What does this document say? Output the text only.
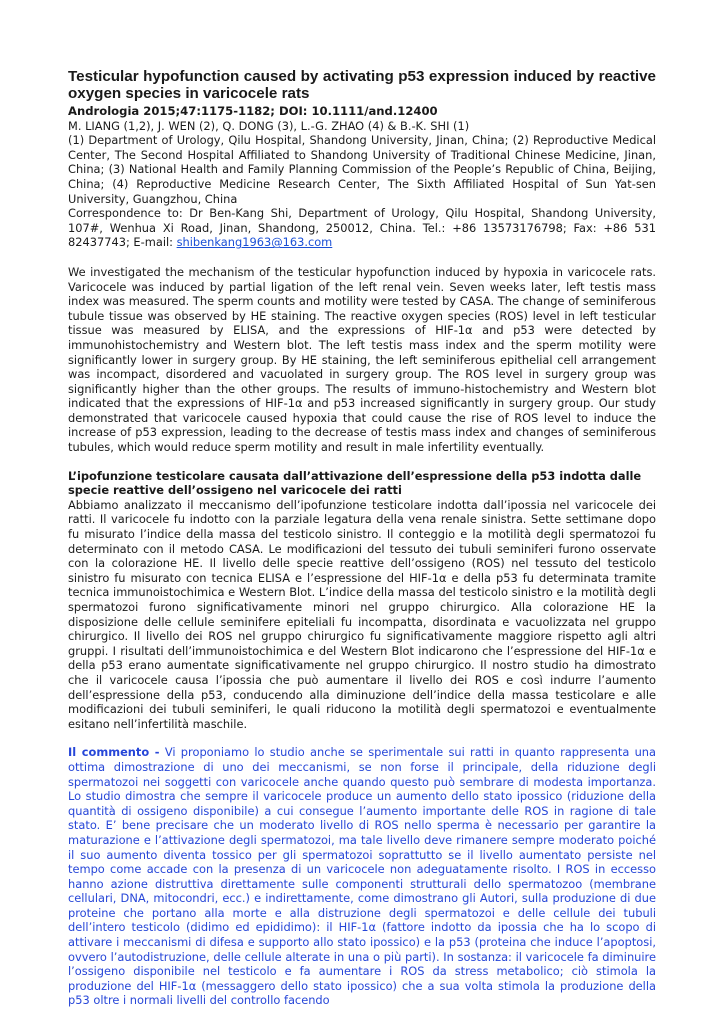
Testicular hypofunction caused by activating p53 expression induced by reactive oxygen species in varicocele rats

Andrologia 2015;47:1175-1182; DOI: 10.1111/and.12400

M. LIANG (1,2), J. WEN (2), Q. DONG (3), L.-G. ZHAO (4) & B.-K. SHI (1)

(1) Department of Urology, Qilu Hospital, Shandong University, Jinan, China; (2) Reproductive Medical Center, The Second Hospital Affiliated to Shandong University of Traditional Chinese Medicine, Jinan, China; (3) National Health and Family Planning Commission of the People’s Republic of China, Beijing, China; (4) Reproductive Medicine Research Center, The Sixth Affiliated Hospital of Sun Yat-sen University, Guangzhou, China

Correspondence to: Dr Ben-Kang Shi, Department of Urology, Qilu Hospital, Shandong University, 107#, Wenhua Xi Road, Jinan, Shandong, 250012, China. Tel.: +86 13573176798; Fax: +86 531 82437743; E-mail: shibenkang1963@163.com

We investigated the mechanism of the testicular hypofunction induced by hypoxia in varicocele rats. Varicocele was induced by partial ligation of the left renal vein. Seven weeks later, left testis mass index was measured. The sperm counts and motility were tested by CASA. The change of seminiferous tubule tissue was observed by HE staining. The reactive oxygen species (ROS) level in left testicular tissue was measured by ELISA, and the expressions of HIF-1α and p53 were detected by immunohistochemistry and Western blot. The left testis mass index and the sperm motility were significantly lower in surgery group. By HE staining, the left seminiferous epithelial cell arrangement was incompact, disordered and vacuolated in surgery group. The ROS level in surgery group was significantly higher than the other groups. The results of immuno-histochemistry and Western blot indicated that the expressions of HIF-1α and p53 increased significantly in surgery group. Our study demonstrated that varicocele caused hypoxia that could cause the rise of ROS level to induce the increase of p53 expression, leading to the decrease of testis mass index and changes of seminiferous tubules, which would reduce sperm motility and result in male infertility eventually.

L’ipofunzione testicolare causata dall’attivazione dell’espressione della p53 indotta dalle specie reattive dell’ossigeno nel varicocele dei ratti

Abbiamo analizzato il meccanismo dell’ipofunzione testicolare indotta dall’ipossia nel varicocele dei ratti. Il varicocele fu indotto con la parziale legatura della vena renale sinistra. Sette settimane dopo fu misurato l’indice della massa del testicolo sinistro. Il conteggio e la motilità degli spermatozoi fu determinato con il metodo CASA. Le modificazioni del tessuto dei tubuli seminiferi furono osservate con la colorazione HE. Il livello delle specie reattive dell’ossigeno (ROS) nel tessuto del testicolo sinistro fu misurato con tecnica ELISA e l’espressione del HIF-1α e della p53 fu determinata tramite tecnica immunoistochimica e Western Blot. L’indice della massa del testicolo sinistro e la motilità degli spermatozoi furono significativamente minori nel gruppo chirurgico. Alla colorazione HE la disposizione delle cellule seminifere epiteliali fu incompatta, disordinata e vacuolizzata nel gruppo chirurgico. Il livello dei ROS nel gruppo chirurgico fu significativamente maggiore rispetto agli altri gruppi. I risultati dell’immunoistochimica e del Western Blot indicarono che l’espressione del HIF-1α e della p53 erano aumentate significativamente nel gruppo chirurgico. Il nostro studio ha dimostrato che il varicocele causa l’ipossia che può aumentare il livello dei ROS e così indurre l’aumento dell’espressione della p53, conducendo alla diminuzione dell’indice della massa testicolare e alle modificazioni dei tubuli seminiferi, le quali riducono la motilità degli spermatozoi e eventualmente esitano nell’infertilità maschile.

Il commento - Vi proponiamo lo studio anche se sperimentale sui ratti in quanto rappresenta una ottima dimostrazione di uno dei meccanismi, se non forse il principale, della riduzione degli spermatozoi nei soggetti con varicocele anche quando questo può sembrare di modesta importanza. Lo studio dimostra che sempre il varicocele produce un aumento dello stato ipossico (riduzione della quantità di ossigeno disponibile) a cui consegue l’aumento importante delle ROS in ragione di tale stato. E’ bene precisare che un moderato livello di ROS nello sperma è necessario per garantire la maturazione e l’attivazione degli spermatozoi, ma tale livello deve rimanere sempre moderato poiché il suo aumento diventa tossico per gli spermatozoi soprattutto se il livello aumentato persiste nel tempo come accade con la presenza di un varicocele non adeguatamente risolto. I ROS in eccesso hanno azione distruttiva direttamente sulle componenti strutturali dello spermatozoo (membrane cellulari, DNA, mitocondri, ecc.) e indirettamente, come dimostrano gli Autori, sulla produzione di due proteine che portano alla morte e alla distruzione degli spermatozoi e delle cellule dei tubuli dell’intero testicolo (didimo ed epididimo): il HIF-1α (fattore indotto da ipossia che ha lo scopo di attivare i meccanismi di difesa e supporto allo stato ipossico) e la p53 (proteina che induce l’apoptosi, ovvero l’autodistruzione, delle cellule alterate in una o più parti). In sostanza: il varicocele fa diminuire l’ossigeno disponibile nel testicolo e fa aumentare i ROS da stress metabolico; ciò stimola la produzione del HIF-1α (messaggero dello stato ipossico) che a sua volta stimola la produzione della p53 oltre i normali livelli del controllo facendo
